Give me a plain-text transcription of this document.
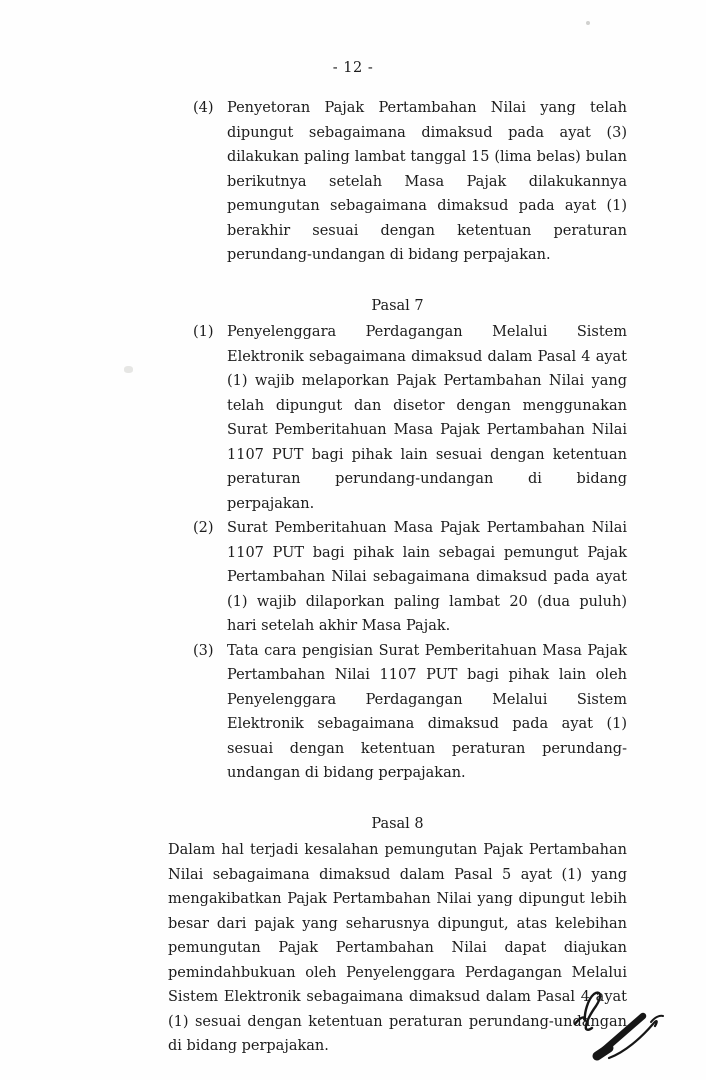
- 12 -
(4) Penyetoran Pajak Pertambahan Nilai yang telah dipungut sebagaimana dimaksud pada ayat (3) dilakukan paling lambat tanggal 15 (lima belas) bulan berikutnya setelah Masa Pajak dilakukannya pemungutan sebagaimana dimaksud pada ayat (1) berakhir sesuai dengan ketentuan peraturan perundang-undangan di bidang perpajakan.
Pasal 7
(1) Penyelenggara Perdagangan Melalui Sistem Elektronik sebagaimana dimaksud dalam Pasal 4 ayat (1) wajib melaporkan Pajak Pertambahan Nilai yang telah dipungut dan disetor dengan menggunakan Surat Pemberitahuan Masa Pajak Pertambahan Nilai 1107 PUT bagi pihak lain sesuai dengan ketentuan peraturan perundang-undangan di bidang perpajakan.
(2) Surat Pemberitahuan Masa Pajak Pertambahan Nilai 1107 PUT bagi pihak lain sebagai pemungut Pajak Pertambahan Nilai sebagaimana dimaksud pada ayat (1) wajib dilaporkan paling lambat 20 (dua puluh) hari setelah akhir Masa Pajak.
(3) Tata cara pengisian Surat Pemberitahuan Masa Pajak Pertambahan Nilai 1107 PUT bagi pihak lain oleh Penyelenggara Perdagangan Melalui Sistem Elektronik sebagaimana dimaksud pada ayat (1) sesuai dengan ketentuan peraturan perundang-undangan di bidang perpajakan.
Pasal 8
Dalam hal terjadi kesalahan pemungutan Pajak Pertambahan Nilai sebagaimana dimaksud dalam Pasal 5 ayat (1) yang mengakibatkan Pajak Pertambahan Nilai yang dipungut lebih besar dari pajak yang seharusnya dipungut, atas kelebihan pemungutan Pajak Pertambahan Nilai dapat diajukan pemindahbukuan oleh Penyelenggara Perdagangan Melalui Sistem Elektronik sebagaimana dimaksud dalam Pasal 4 ayat (1) sesuai dengan ketentuan peraturan perundang-undangan di bidang perpajakan.
